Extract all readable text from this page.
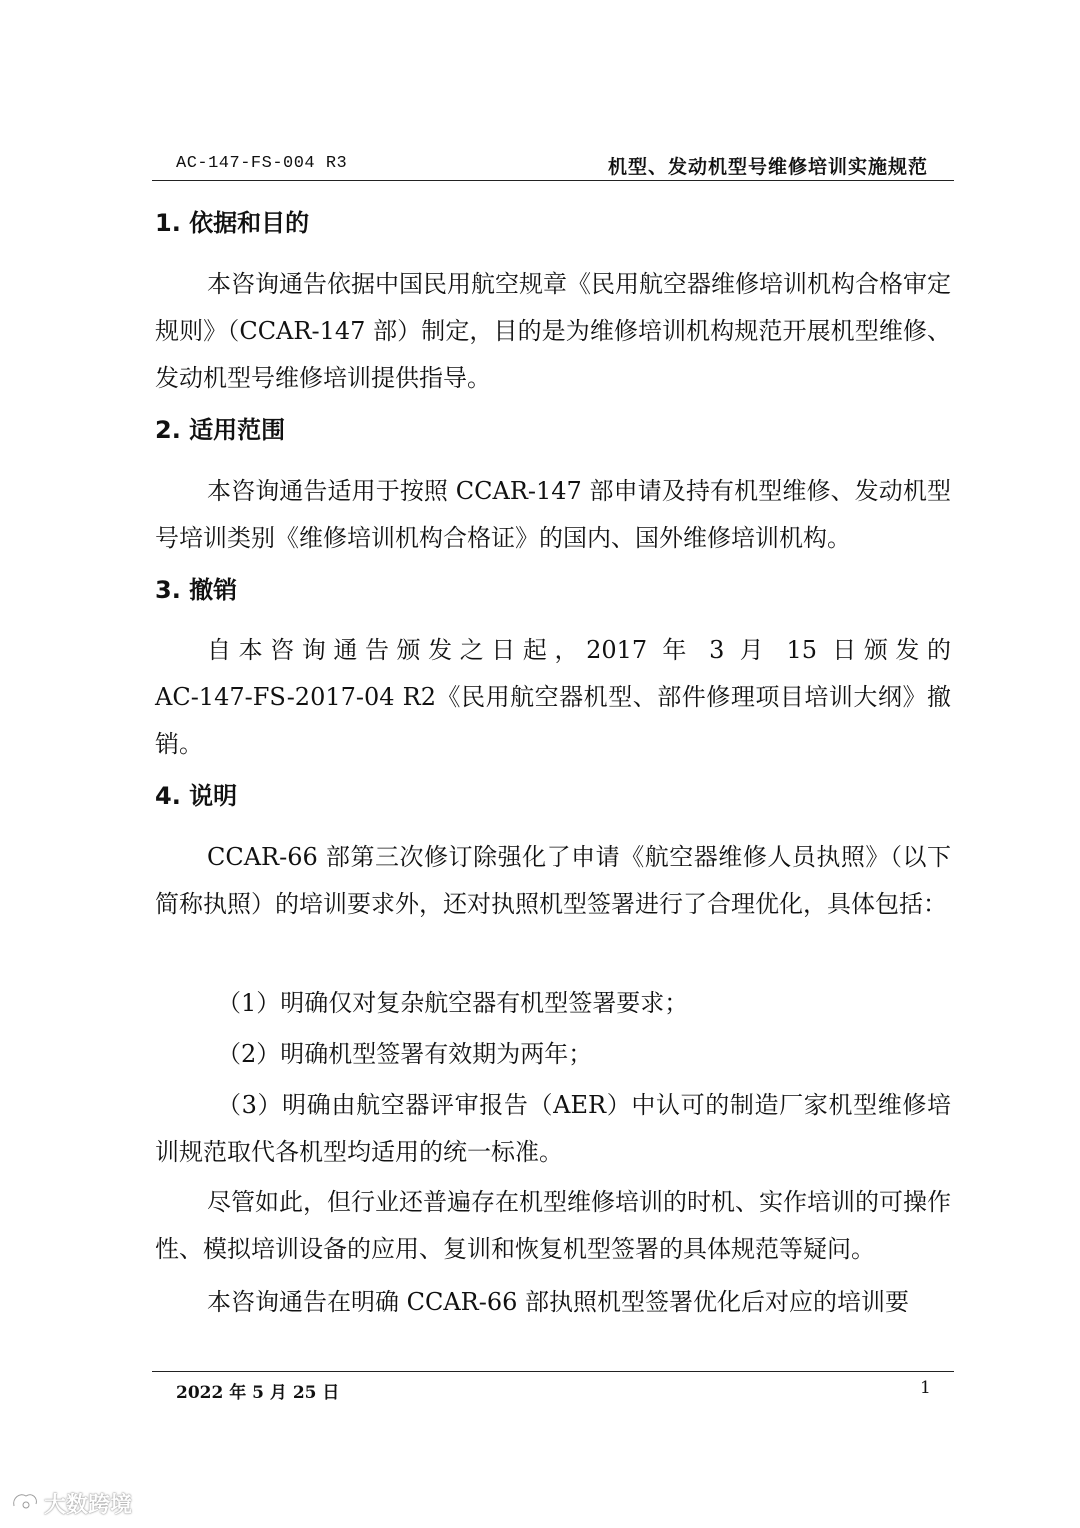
AC-147-FS-004 R3	机型、发动机型号维修培训实施规范
1. 依据和目的

本咨询通告依据中国民用航空规章《民用航空器维修培训机构合格审定规则》（CCAR-147 部）制定，目的是为维修培训机构规范开展机型维修、发动机型号维修培训提供指导。

2. 适用范围

本咨询通告适用于按照 CCAR-147 部申请及持有机型维修、发动机型号培训类别《维修培训机构合格证》的国内、国外维修培训机构。

3. 撤销

自本咨询通告颁发之日起，2017 年 3 月 15 日颁发的

AC-147-FS-2017-04 R2《民用航空器机型、部件修理项目培训大纲》撤销。

4. 说明

CCAR-66 部第三次修订除强化了申请《航空器维修人员执照》（以下简称执照）的培训要求外，还对执照机型签署进行了合理优化，具体包括：

（1）明确仅对复杂航空器有机型签署要求；

（2）明确机型签署有效期为两年；

（3）明确由航空器评审报告（AER）中认可的制造厂家机型维修培训规范取代各机型均适用的统一标准。

尽管如此，但行业还普遍存在机型维修培训的时机、实作培训的可操作性、模拟培训设备的应用、复训和恢复机型签署的具体规范等疑问。

本咨询通告在明确 CCAR-66 部执照机型签署优化后对应的培训要

2022 年 5 月 25 日	1
大数跨境
